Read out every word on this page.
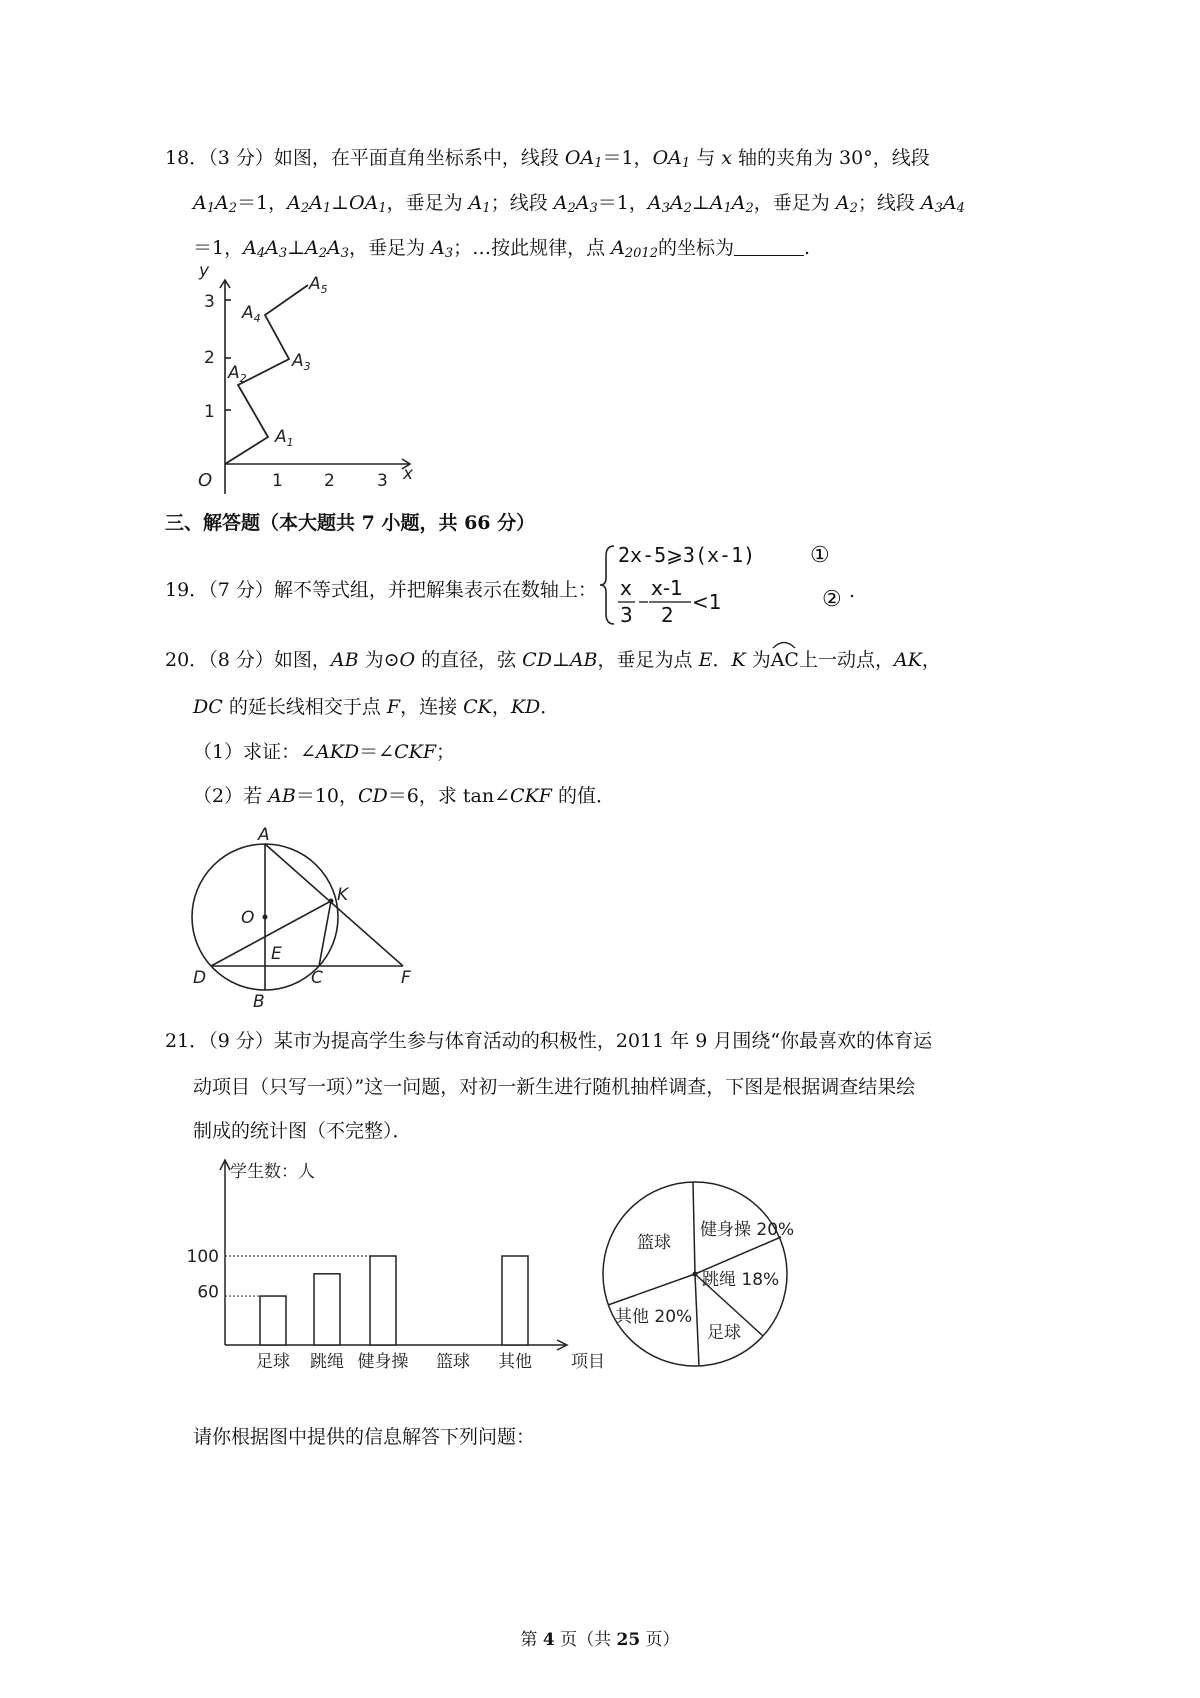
18．（3 分）如图，在平面直角坐标系中，线段 $OA_1=1$，$OA_1$ 与 x 轴的夹角为 30°，线段
$A_1A_2=1$，$A_2A_1\perp OA_1$，垂足为 $A_1$；线段 $A_2A_3=1$，$A_3A_2\perp A_1A_2$，垂足为 $A_2$；线段 $A_3A_4$
＝1，$A_4A_3\perp A_2A_3$，垂足为 $A_3$；…按此规律，点 $A_{2012}$的坐标为	.
y
x
O	1 2 3
1
2
3
$A_1$
$A_2$
$A_3$
$A_4$
$A_5$
三、解答题（本大题共 7 小题，共 66 分）
19．（7 分）解不等式组，并把解集表示在数轴上：
2x-5⩾3(x-1) ①
x
3
x-1
2
<1	② .
20．（8 分）如图，AB 为⊙O 的直径，弦 CD⊥AB，垂足为点 E．K 为
AC上一动点，AK，
DC 的延长线相交于点 F，连接 CK，KD．
（1）求证：∠AKD＝∠CKF；
（2）若 AB＝10，CD＝6，求 tan∠CKF 的值．
A
O
K
E
D	C	F
B
21．（9 分）某市为提高学生参与体育活动的积极性，2011 年 9 月围绕“你最喜欢的体育运
动项目（只写一项）”这一问题，对初一新生进行随机抽样调查，下图是根据调查结果绘
制成的统计图（不完整）．
60
100
足球 跳绳 健身操 篮球 其他
学生数：人
项目
篮球
健身操 20%
跳绳 18%
其他 20%
足球
请你根据图中提供的信息解答下列问题：
第 4 页（共 25 页）
